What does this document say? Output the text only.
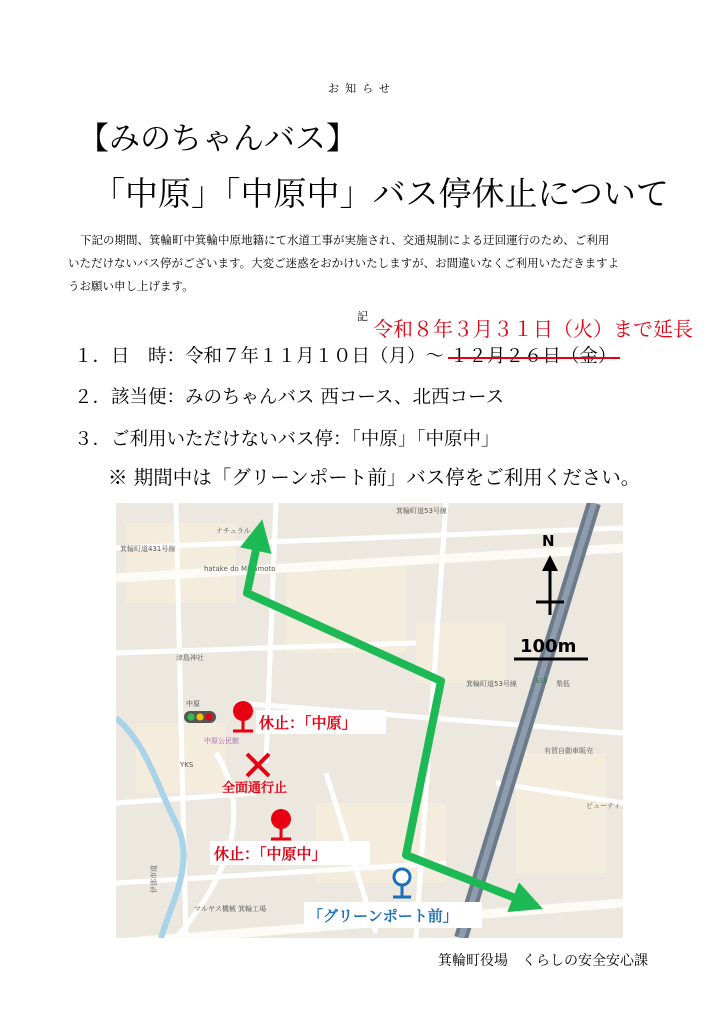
お知らせ
【みのちゃんバス】
「中原」「中原中」バス停休止について
下記の期間、箕輪町中箕輪中原地籍にて水道工事が実施され、交通規制による迂回運行のため、ご利用
いただけないバス停がございます。大変ご迷惑をおかけいたしますが、お間違いなくご利用いただきますよ
うお願い申し上げます。
記
令和８年３月３１日（火）まで延長
１．日　時：令和７年１１月１０日（月）～ １２月２６日（金）
２．該当便：みのちゃんバス 西コース、北西コース
３．ご利用いただけないバス停：「中原」「中原中」
※ 期間中は「グリーンポート前」バス停をご利用ください。
ナチュラル
hatake do Miyamoto
津島神社
中原公民館
YKS
マルヤス機械 箕輪工場
有賀自動車販売
ビューティ
箕輪町道53号線
箕輪町道53号線
箕輪町道431号線
梨低
E19
伊那市道
N
100m
中原
休止：「中原」
全面通行止
休止：「中原中」
「グリーンポート前」
箕輪町役場　くらしの安全安心課
